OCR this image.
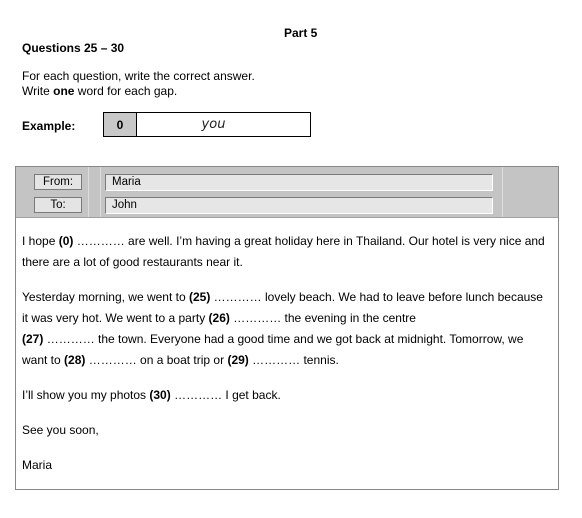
Part 5
Questions 25 – 30
For each question, write the correct answer.
Write one word for each gap.
Example:	0	you
From:	Maria
To:	John

I hope (0) ………… are well. I’m having a great holiday here in Thailand. Our hotel is very nice and there are a lot of good restaurants near it.

Yesterday morning, we went to (25) ………… lovely beach. We had to leave before lunch because it was very hot. We went to a party (26) ………… the evening in the centre
(27) ………… the town. Everyone had a good time and we got back at midnight. Tomorrow, we want to (28) ………… on a boat trip or (29) ………… tennis.

I’ll show you my photos (30) ………… I get back.

See you soon,

Maria
